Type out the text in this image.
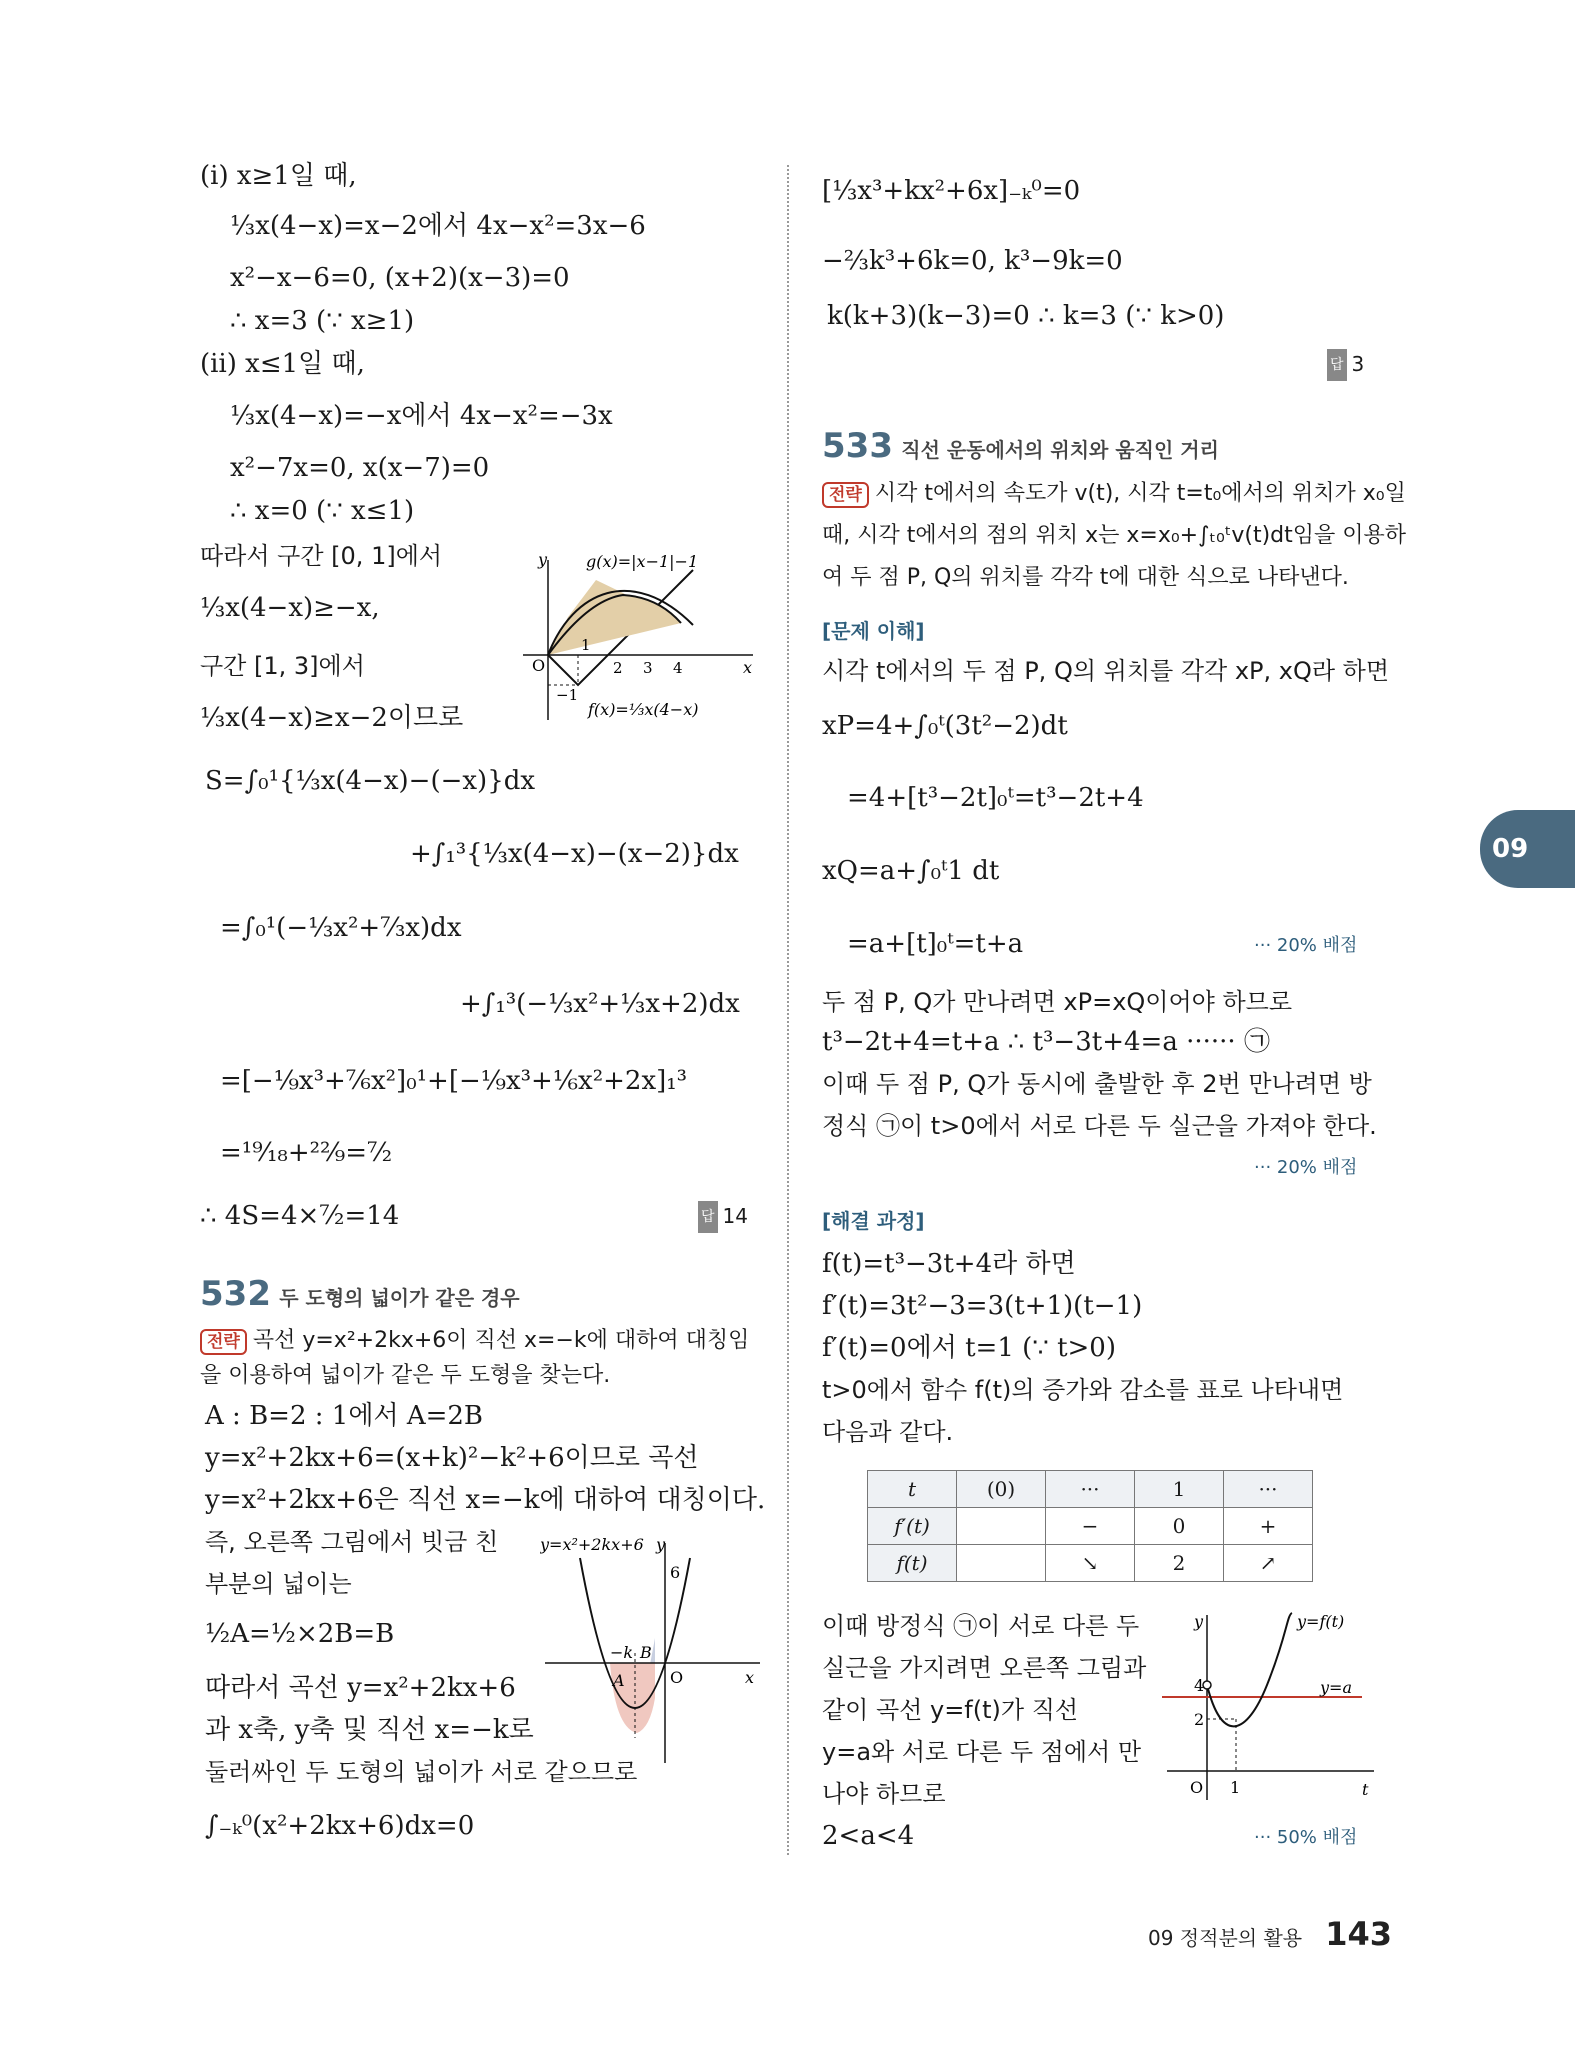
(ⅰ) x≥1일 때,
⅓x(4−x)=x−2에서 4x−x²=3x−6
x²−x−6=0, (x+2)(x−3)=0
∴ x=3 (∵ x≥1)
(ⅱ) x≤1일 때,
⅓x(4−x)=−x에서 4x−x²=−3x
x²−7x=0, x(x−7)=0
∴ x=0 (∵ x≤1)
따라서 구간 [0, 1]에서
⅓x(4−x)≥−x,
구간 [1, 3]에서
⅓x(4−x)≥x−2이므로
y
x
O
1
2 3 4
−1
g(x)=|x−1|−1
f(x)=⅓x(4−x)
S=∫₀¹{⅓x(4−x)−(−x)}dx
+∫₁³{⅓x(4−x)−(x−2)}dx
=∫₀¹(−⅓x²+⁷⁄₃x)dx
+∫₁³(−⅓x²+⅓x+2)dx
=[−⅑x³+⁷⁄₆x²]₀¹+[−⅑x³+⅙x²+2x]₁³
=¹⁹⁄₁₈+²²⁄₉=⁷⁄₂
∴ 4S=4×⁷⁄₂=14	답 14
532 두 도형의 넓이가 같은 경우
전략 곡선 y=x²+2kx+6이 직선 x=−k에 대하여 대칭임
을 이용하여 넓이가 같은 두 도형을 찾는다.
A : B=2 : 1에서 A=2B
y=x²+2kx+6=(x+k)²−k²+6이므로 곡선
y=x²+2kx+6은 직선 x=−k에 대하여 대칭이다.
즉, 오른쪽 그림에서 빗금 친
부분의 넓이는
½A=½×2B=B
따라서 곡선 y=x²+2kx+6
과 x축, y축 및 직선 x=−k로
둘러싸인 두 도형의 넓이가 서로 같으므로
∫₋ₖ⁰(x²+2kx+6)dx=0
y=x²+2kx+6 y
6
−k B
A	O	x
[⅓x³+kx²+6x]₋ₖ⁰=0
−⅔k³+6k=0, k³−9k=0
k(k+3)(k−3)=0 ∴ k=3 (∵ k>0)
답 3
533 직선 운동에서의 위치와 움직인 거리
전략 시각 t에서의 속도가 v(t), 시각 t=t₀에서의 위치가 x₀일
때, 시각 t에서의 점의 위치 x는 x=x₀+∫ₜ₀ᵗv(t)dt임을 이용하
여 두 점 P, Q의 위치를 각각 t에 대한 식으로 나타낸다.
[문제 이해]
시각 t에서의 두 점 P, Q의 위치를 각각 xP, xQ라 하면
xP=4+∫₀ᵗ(3t²−2)dt
=4+[t³−2t]₀ᵗ=t³−2t+4
xQ=a+∫₀ᵗ1 dt
=a+[t]₀ᵗ=t+a	··· 20% 배점
두 점 P, Q가 만나려면 xP=xQ이어야 하므로
t³−2t+4=t+a ∴ t³−3t+4=a ······ ㉠
이때 두 점 P, Q가 동시에 출발한 후 2번 만나려면 방
정식 ㉠이 t>0에서 서로 다른 두 실근을 가져야 한다.
··· 20% 배점
[해결 과정]
f(t)=t³−3t+4라 하면
f′(t)=3t²−3=3(t+1)(t−1)
f′(t)=0에서 t=1 (∵ t>0)
t>0에서 함수 f(t)의 증가와 감소를 표로 나타내면
다음과 같다.
t	(0)	···	1	···
f′(t)		−	0	+
f(t)		↘	2	↗
이때 방정식 ㉠이 서로 다른 두
실근을 가지려면 오른쪽 그림과
같이 곡선 y=f(t)가 직선
y=a와 서로 다른 두 점에서 만
나야 하므로
2<a<4	··· 50% 배점
y
t
O 1
4
2
y=f(t)
y=a
09
09 정적분의 활용 143
